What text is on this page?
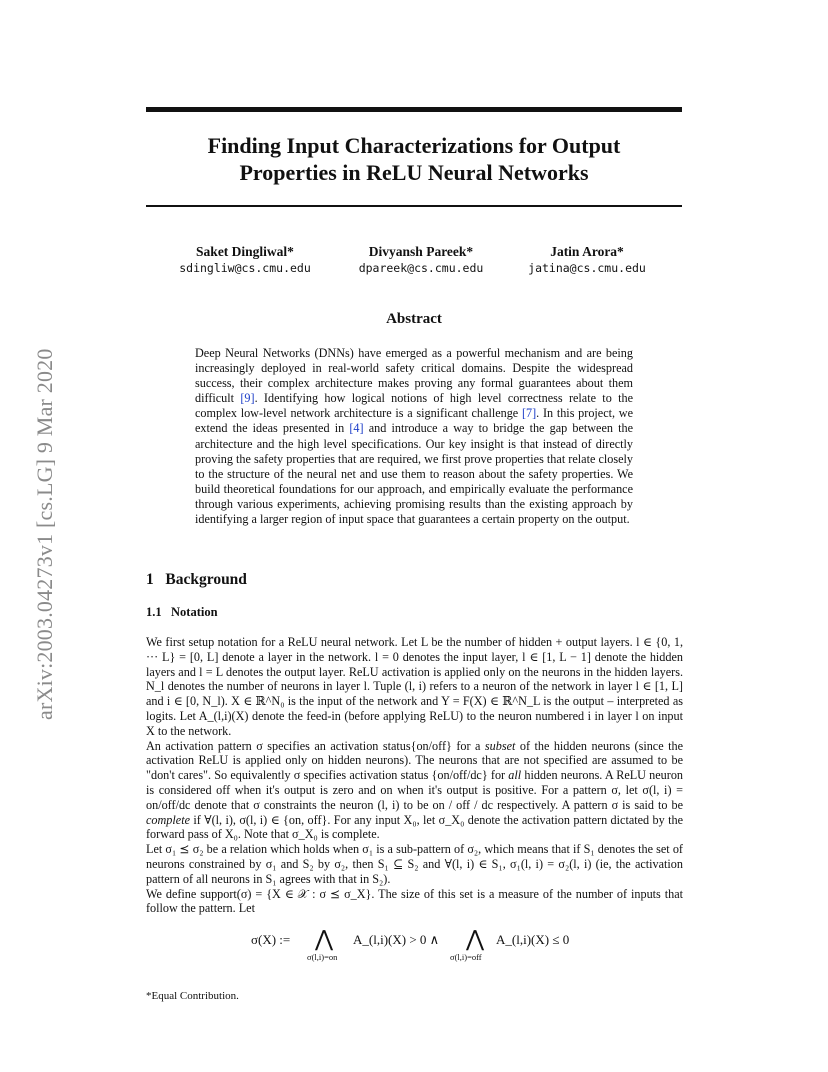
Finding Input Characterizations for Output
Properties in ReLU Neural Networks
arXiv:2003.04273v1 [cs.LG] 9 Mar 2020
Saket Dingliwal*
sdingliw@cs.cmu.edu
Divyansh Pareek*
dpareek@cs.cmu.edu
Jatin Arora*
jatina@cs.cmu.edu
Abstract
Deep Neural Networks (DNNs) have emerged as a powerful mechanism and are being increasingly deployed in real-world safety critical domains. Despite the widespread success, their complex architecture makes proving any formal guarantees about them difficult [9]. Identifying how logical notions of high level correctness relate to the complex low-level network architecture is a significant challenge [7]. In this project, we extend the ideas presented in [4] and introduce a way to bridge the gap between the architecture and the high level specifications. Our key insight is that instead of directly proving the safety properties that are required, we first prove properties that relate closely to the structure of the neural net and use them to reason about the safety properties. We build theoretical foundations for our approach, and empirically evaluate the performance through various experiments, achieving promising results than the existing approach by identifying a larger region of input space that guarantees a certain property on the output.
1 Background
1.1 Notation

We first setup notation for a ReLU neural network. Let L be the number of hidden + output layers. l ∈ {0, 1, ··· L} = [0, L] denote a layer in the network. l = 0 denotes the input layer, l ∈ [1, L − 1] denote the hidden layers and l = L denotes the output layer. ReLU activation is applied only on the neurons in the hidden layers. N_l denotes the number of neurons in layer l. Tuple (l, i) refers to a neuron of the network in layer l ∈ [1, L] and i ∈ [0, N_l). X ∈ ℝ^N₀ is the input of the network and Y = F(X) ∈ ℝ^N_L is the output – interpreted as logits. Let A_(l,i)(X) denote the feed-in (before applying ReLU) to the neuron numbered i in layer l on input X to the network.

An activation pattern σ specifies an activation status{on/off} for a subset of the hidden neurons (since the activation ReLU is applied only on hidden neurons). The neurons that are not specified are assumed to be "don't cares". So equivalently σ specifies activation status {on/off/dc} for all hidden neurons. A ReLU neuron is considered off when it's output is zero and on when it's output is positive. For a pattern σ, let σ(l, i) = on/off/dc denote that σ constraints the neuron (l, i) to be on / off / dc respectively. A pattern σ is said to be complete if ∀(l, i), σ(l, i) ∈ {on, off}. For any input X₀, let σ_X₀ denote the activation pattern dictated by the forward pass of X₀. Note that σ_X₀ is complete.

Let σ₁ ⪯ σ₂ be a relation which holds when σ₁ is a sub-pattern of σ₂, which means that if S₁ denotes the set of neurons constrained by σ₁ and S₂ by σ₂, then S₁ ⊆ S₂ and ∀(l, i) ∈ S₁, σ₁(l, i) = σ₂(l, i) (ie, the activation pattern of all neurons in S₁ agrees with that in S₂).

We define support(σ) = {X ∈ 𝒳 : σ ⪯ σ_X}. The size of this set is a measure of the number of inputs that follow the pattern. Let

σ(X) := ⋀ A_(l,i)(X) > 0 ∧
σ(l,i)=on
⋀ A_(l,i)(X) ≤ 0
σ(l,i)=off
*Equal Contribution.
